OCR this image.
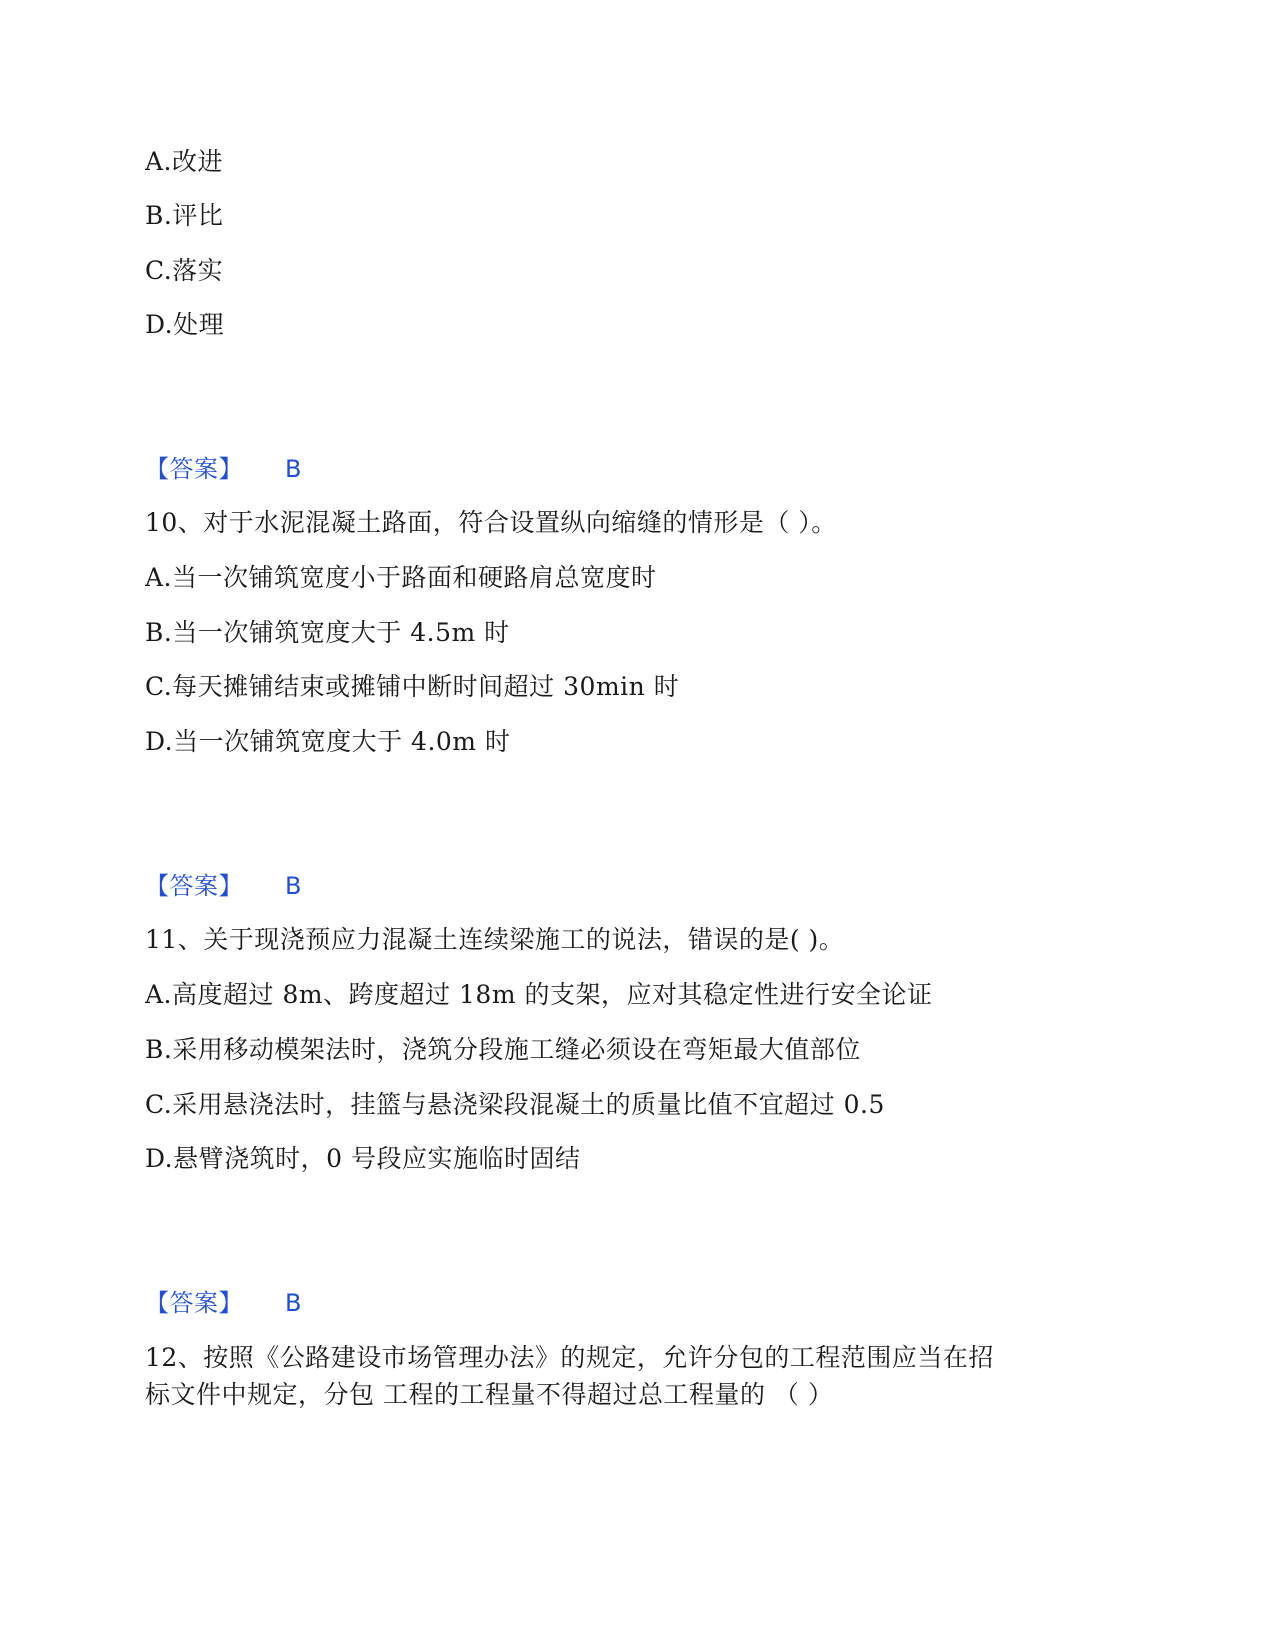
A.改进
B.评比
C.落实
D.处理
【答案】 B
10、对于水泥混凝土路面，符合设置纵向缩缝的情形是（ ）。
A.当一次铺筑宽度小于路面和硬路肩总宽度时
B.当一次铺筑宽度大于 4.5m 时
C.每天摊铺结束或摊铺中断时间超过 30min 时
D.当一次铺筑宽度大于 4.0m 时
【答案】 B
11、关于现浇预应力混凝土连续梁施工的说法，错误的是( )。
A.高度超过 8m、跨度超过 18m 的支架，应对其稳定性进行安全论证
B.采用移动模架法时，浇筑分段施工缝必须设在弯矩最大值部位
C.采用悬浇法时，挂篮与悬浇梁段混凝土的质量比值不宜超过 0.5
D.悬臂浇筑时，0 号段应实施临时固结
【答案】 B
12、按照《公路建设市场管理办法》的规定，允许分包的工程范围应当在招
标文件中规定，分包 工程的工程量不得超过总工程量的 （ ）
